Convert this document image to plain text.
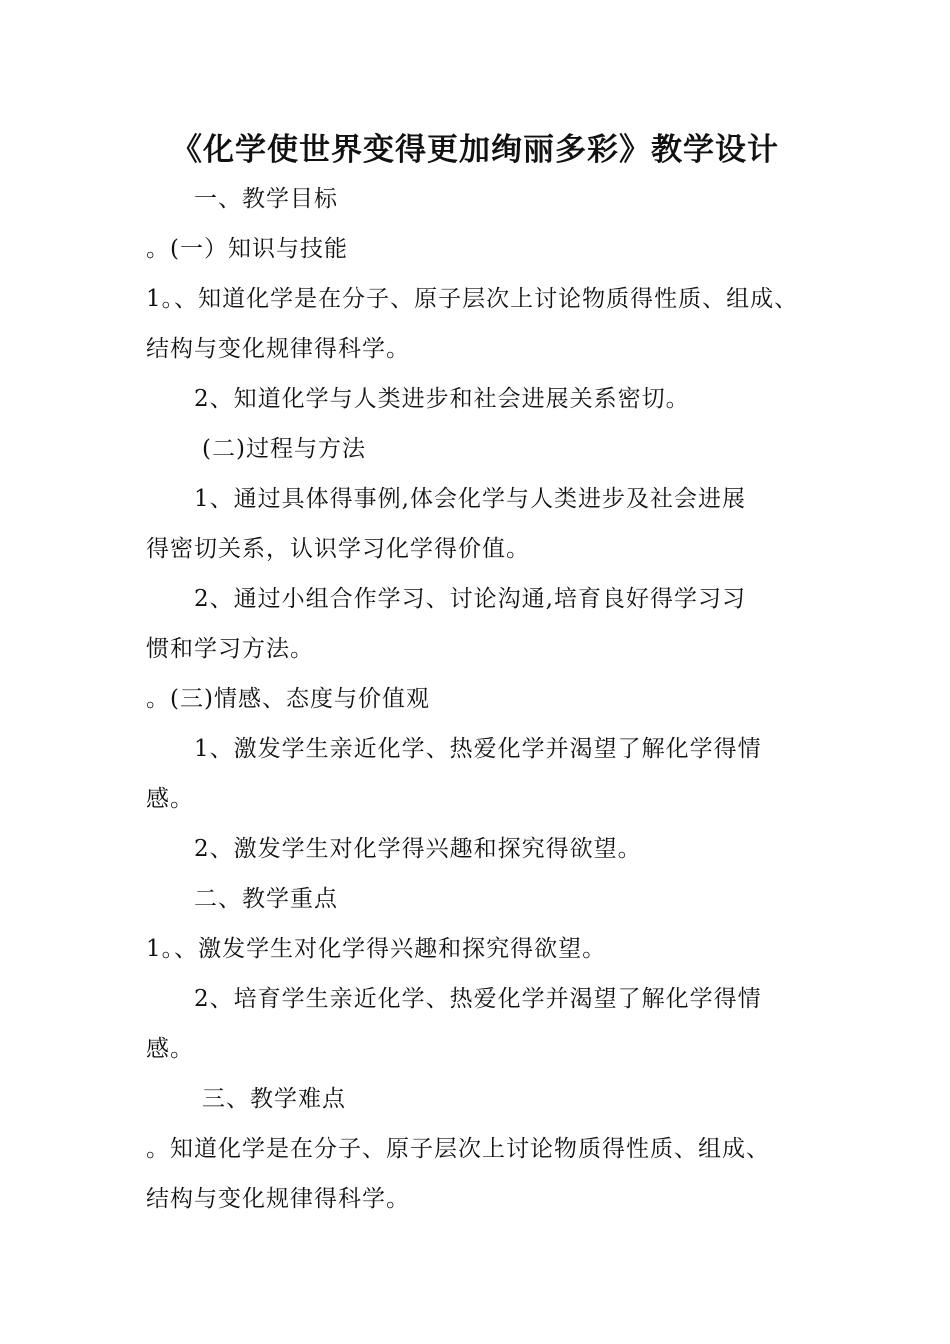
《化学使世界变得更加绚丽多彩》教学设计

一、教学目标

。(一）知识与技能

1。、知道化学是在分子、原子层次上讨论物质得性质、组成、

结构与变化规律得科学。

2、知道化学与人类进步和社会进展关系密切。

(二)过程与方法

1、通过具体得事例,体会化学与人类进步及社会进展

得密切关系，认识学习化学得价值。

2、通过小组合作学习、讨论沟通,培育良好得学习习

惯和学习方法。

。(三)情感、态度与价值观

1、激发学生亲近化学、热爱化学并渴望了解化学得情

感。

2、激发学生对化学得兴趣和探究得欲望。

二、教学重点

1。、激发学生对化学得兴趣和探究得欲望。

2、培育学生亲近化学、热爱化学并渴望了解化学得情

感。

三、教学难点

。知道化学是在分子、原子层次上讨论物质得性质、组成、

结构与变化规律得科学。
